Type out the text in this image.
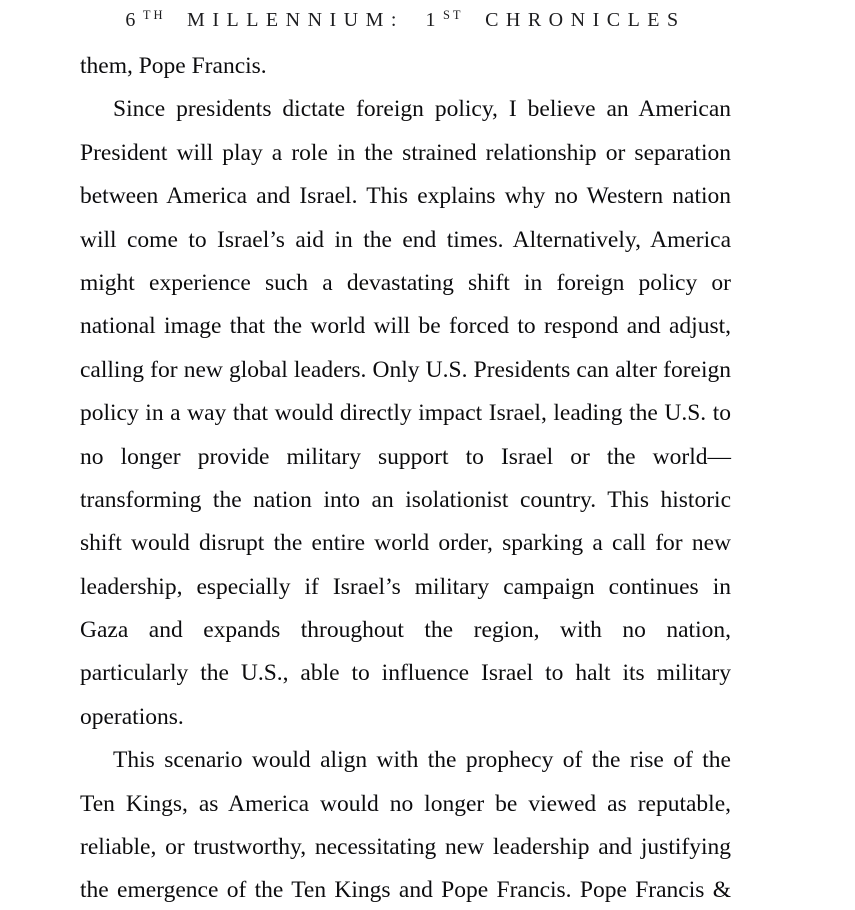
6TH MILLENNIUM: 1ST CHRONICLES
them, Pope Francis.
Since presidents dictate foreign policy, I believe an American
President will play a role in the strained relationship or separation
between America and Israel. This explains why no Western nation
will come to Israel’s aid in the end times. Alternatively, America
might experience such a devastating shift in foreign policy or
national image that the world will be forced to respond and adjust,
calling for new global leaders. Only U.S. Presidents can alter foreign
policy in a way that would directly impact Israel, leading the U.S. to
no longer provide military support to Israel or the world—
transforming the nation into an isolationist country. This historic
shift would disrupt the entire world order, sparking a call for new
leadership, especially if Israel’s military campaign continues in
Gaza and expands throughout the region, with no nation,
particularly the U.S., able to influence Israel to halt its military
operations.
This scenario would align with the prophecy of the rise of the
Ten Kings, as America would no longer be viewed as reputable,
reliable, or trustworthy, necessitating new leadership and justifying
the emergence of the Ten Kings and Pope Francis. Pope Francis &
